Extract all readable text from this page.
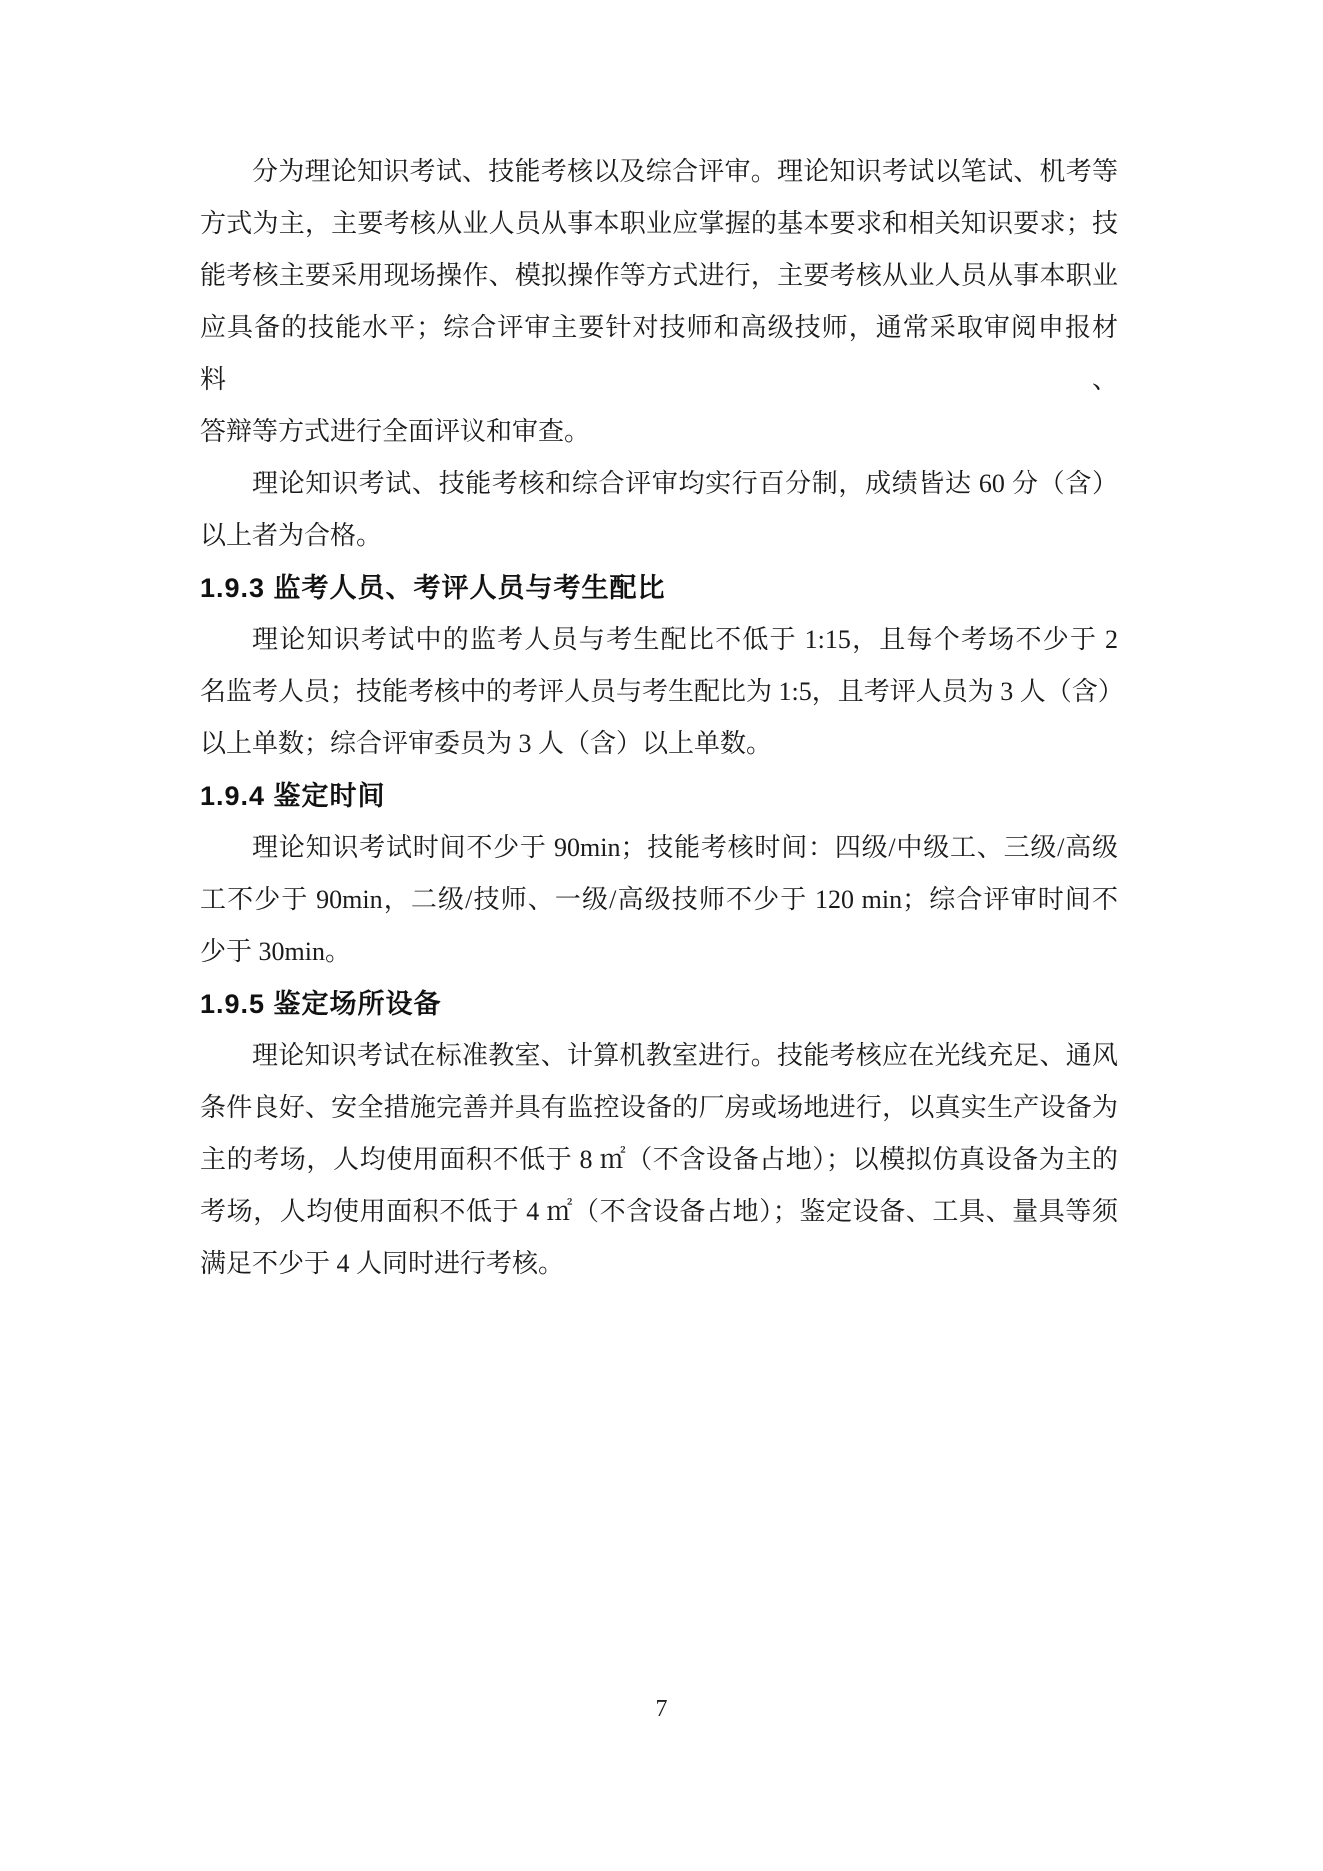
分为理论知识考试、技能考核以及综合评审。理论知识考试以笔试、机考等
方式为主，主要考核从业人员从事本职业应掌握的基本要求和相关知识要求；技
能考核主要采用现场操作、模拟操作等方式进行，主要考核从业人员从事本职业
应具备的技能水平；综合评审主要针对技师和高级技师，通常采取审阅申报材料、
答辩等方式进行全面评议和审查。
理论知识考试、技能考核和综合评审均实行百分制，成绩皆达 60 分（含）
以上者为合格。
1.9.3 监考人员、考评人员与考生配比
理论知识考试中的监考人员与考生配比不低于 1:15，且每个考场不少于 2
名监考人员；技能考核中的考评人员与考生配比为 1:5，且考评人员为 3 人（含）
以上单数；综合评审委员为 3 人（含）以上单数。
1.9.4 鉴定时间
理论知识考试时间不少于 90min；技能考核时间：四级/中级工、三级/高级
工不少于 90min，二级/技师、一级/高级技师不少于 120 min；综合评审时间不
少于 30min。
1.9.5 鉴定场所设备
理论知识考试在标准教室、计算机教室进行。技能考核应在光线充足、通风
条件良好、安全措施完善并具有监控设备的厂房或场地进行，以真实生产设备为
主的考场，人均使用面积不低于 8 ㎡（不含设备占地）；以模拟仿真设备为主的
考场，人均使用面积不低于 4 ㎡（不含设备占地）；鉴定设备、工具、量具等须
满足不少于 4 人同时进行考核。
7
